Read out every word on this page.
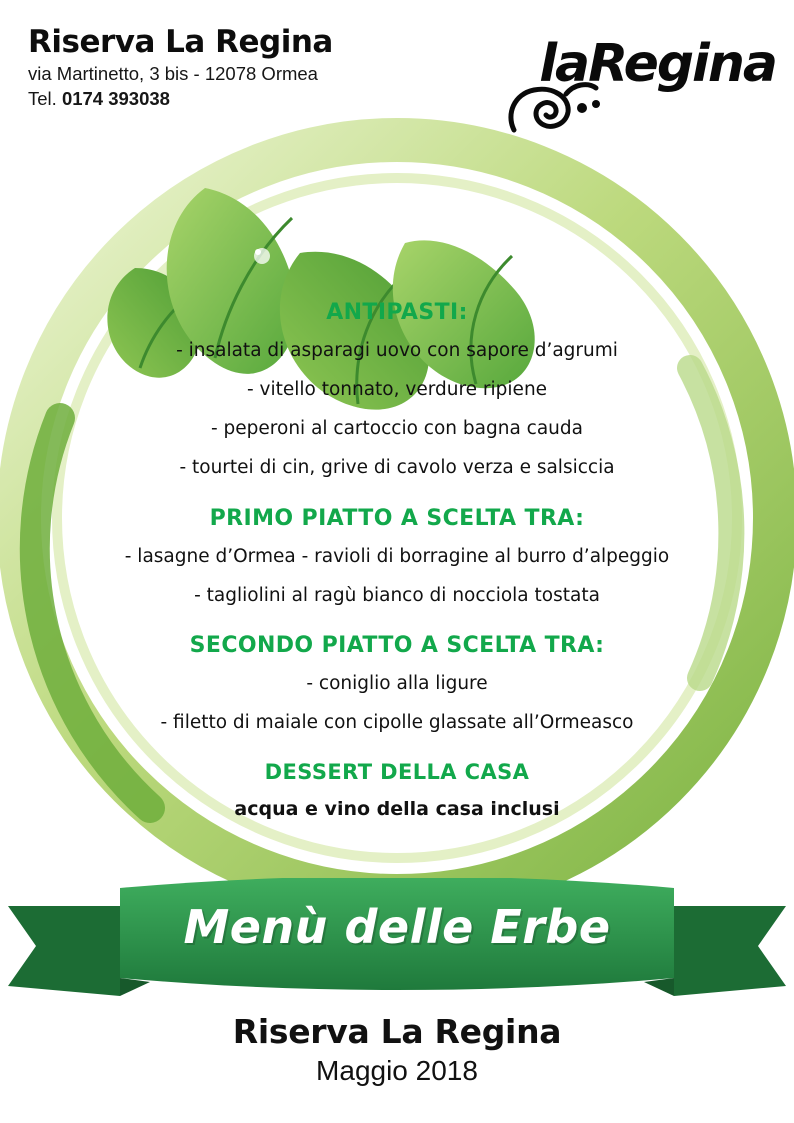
Riserva La Regina
via Martinetto, 3 bis - 12078 Ormea
Tel. 0174 393038
laRegina
ANTIPASTI:
- insalata di asparagi uovo con sapore d’agrumi
- vitello tonnato, verdure ripiene
- peperoni al cartoccio con bagna cauda
- tourtei di cin, grive di cavolo verza e salsiccia
PRIMO PIATTO A SCELTA TRA:
- lasagne d’Ormea - ravioli di borragine al burro d’alpeggio
- tagliolini al ragù bianco di nocciola tostata
SECONDO PIATTO A SCELTA TRA:
- coniglio alla ligure
- filetto di maiale con cipolle glassate all’Ormeasco
DESSERT DELLA CASA
acqua e vino della casa inclusi
Menù delle Erbe
Riserva La Regina
Maggio 2018
